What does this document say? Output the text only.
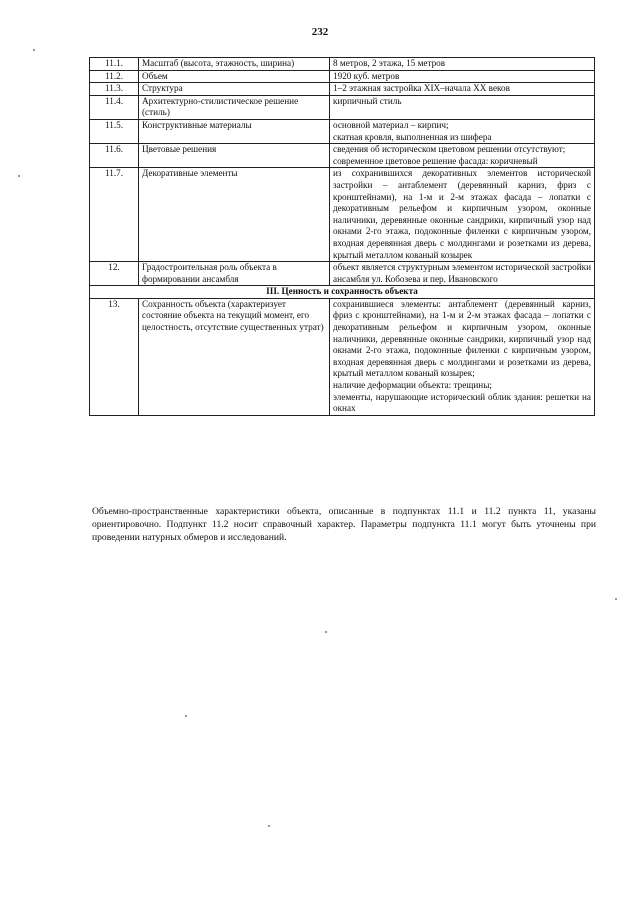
232
11.1.	Масштаб (высота, этажность, ширина)	8 метров, 2 этажа, 15 метров

11.2.	Объем	1920 куб. метров

11.3.	Структура	1–2 этажная застройка XIX–начала XX веков

11.4.	Архитектурно-стилистическое решение (стиль)	кирпичный стиль

11.5.	Конструктивные материалы	основной материал – кирпич;
скатная кровля, выполненная из шифера

11.6.	Цветовые решения	сведения об историческом цветовом решении отсутствуют;
современное цветовое решение фасада: коричневый

11.7.	Декоративные элементы	из сохранившихся декоративных элементов исторической застройки – антаблемент (деревянный карниз, фриз с кронштейнами), на 1-м и 2-м этажах фасада – лопатки с декоративным рельефом и кирпичным узором, оконные наличники, деревянные оконные сандрики, кирпичный узор над окнами 2-го этажа, подоконные филенки с кирпичным узором, входная деревянная дверь с молдингами и розетками из дерева, крытый металлом кованый козырек

12.	Градостроительная роль объекта в формировании ансамбля	объект является структурным элементом исторической застройки ансамбля ул. Кобозева и пер. Ивановского

III. Ценность и сохранность объекта		
13.	Сохранность объекта (характеризует состояние объекта на текущий момент, его целостность, отсутствие существенных утрат)	сохранившиеся элементы: антаблемент (деревянный карниз, фриз с кронштейнами), на 1-м и 2-м этажах фасада – лопатки с декоративным рельефом и кирпичным узором, оконные наличники, деревянные оконные сандрики, кирпичный узор над окнами 2-го этажа, подоконные филенки с кирпичным узором, входная деревянная дверь с молдингами и розетками из дерева, крытый металлом кованый козырек;
наличие деформации объекта: трещины;
элементы, нарушающие исторический облик здания: решетки на окнах
Объемно-пространственные характеристики объекта, описанные в подпунктах 11.1 и 11.2 пункта 11, указаны ориентировочно. Подпункт 11.2 носит справочный характер. Параметры подпункта 11.1 могут быть уточнены при проведении натурных обмеров и исследований.
